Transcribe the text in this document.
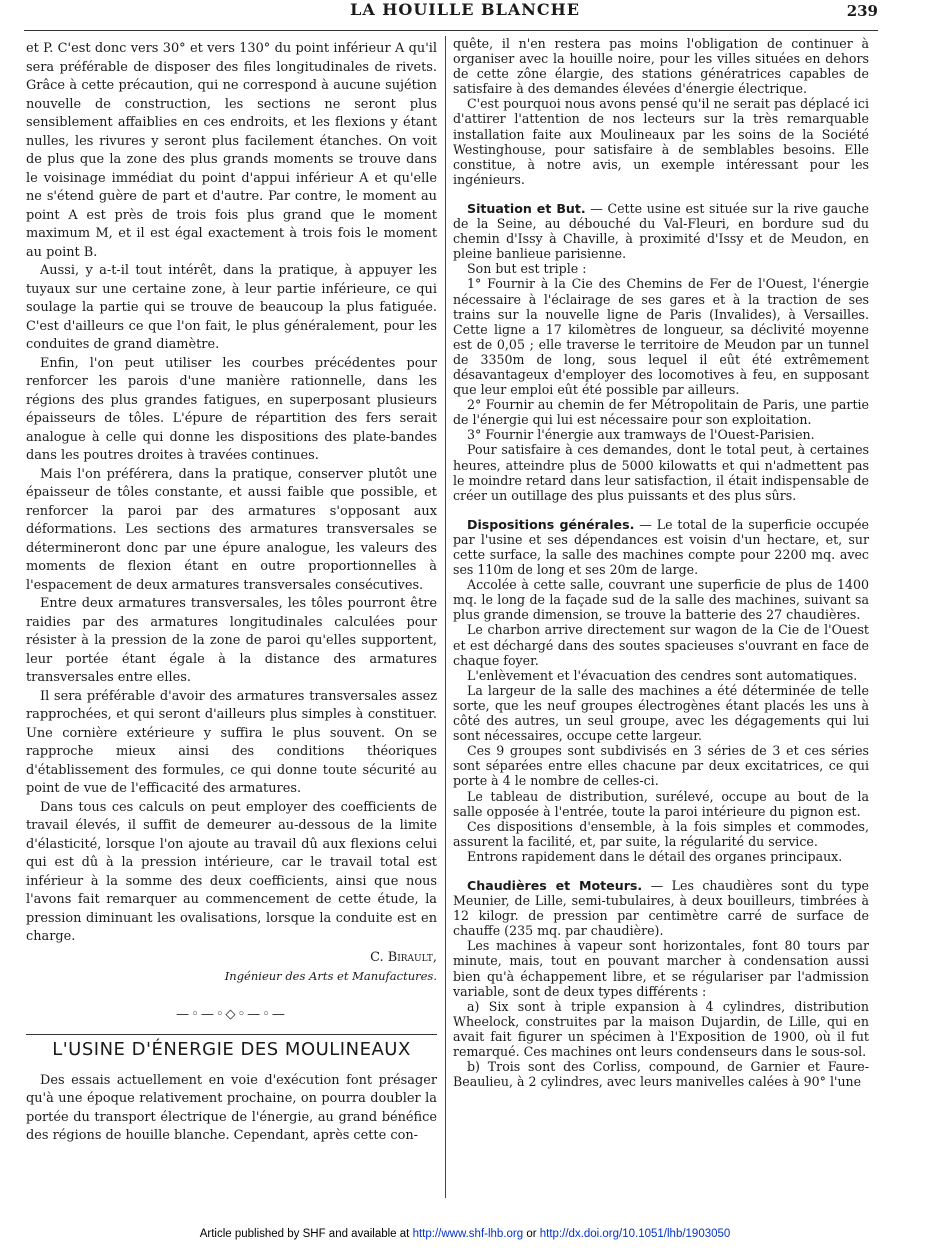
LA HOUILLE BLANCHE	239

et P. C'est donc vers 30° et vers 130° du point inférieur A qu'il sera préférable de disposer des files longitudinales de rivets. Grâce à cette précaution, qui ne correspond à aucune sujétion nouvelle de construction, les sections ne seront plus sensiblement affaiblies en ces endroits, et les flexions y étant nulles, les rivures y seront plus facilement étanches. On voit de plus que la zone des plus grands moments se trouve dans le voisinage immédiat du point d'appui inférieur A et qu'elle ne s'étend guère de part et d'autre. Par contre, le moment au point A est près de trois fois plus grand que le moment maximum M, et il est égal exactement à trois fois le moment au point B.

Aussi, y a-t-il tout intérêt, dans la pratique, à appuyer les tuyaux sur une certaine zone, à leur partie inférieure, ce qui soulage la partie qui se trouve de beaucoup la plus fatiguée. C'est d'ailleurs ce que l'on fait, le plus généralement, pour les conduites de grand diamètre.

Enfin, l'on peut utiliser les courbes précédentes pour renforcer les parois d'une manière rationnelle, dans les régions des plus grandes fatigues, en superposant plusieurs épaisseurs de tôles. L'épure de répartition des fers serait analogue à celle qui donne les dispositions des plate-bandes dans les poutres droites à travées continues.

Mais l'on préférera, dans la pratique, conserver plutôt une épaisseur de tôles constante, et aussi faible que possible, et renforcer la paroi par des armatures s'opposant aux déformations. Les sections des armatures transversales se détermineront donc par une épure analogue, les valeurs des moments de flexion étant en outre proportionnelles à l'espacement de deux armatures transversales consécutives.

Entre deux armatures transversales, les tôles pourront être raidies par des armatures longitudinales calculées pour résister à la pression de la zone de paroi qu'elles supportent, leur portée étant égale à la distance des armatures transversales entre elles.

Il sera préférable d'avoir des armatures transversales assez rapprochées, et qui seront d'ailleurs plus simples à constituer. Une cornière extérieure y suffira le plus souvent. On se rapproche mieux ainsi des conditions théoriques d'établissement des formules, ce qui donne toute sécurité au point de vue de l'efficacité des armatures.

Dans tous ces calculs on peut employer des coefficients de travail élevés, il suffit de demeurer au-dessous de la limite d'élasticité, lorsque l'on ajoute au travail dû aux flexions celui qui est dû à la pression intérieure, car le travail total est inférieur à la somme des deux coefficients, ainsi que nous l'avons fait remarquer au commencement de cette étude, la pression diminuant les ovalisations, lorsque la conduite est en charge.

C. Birault,
Ingénieur des Arts et Manufactures.
—◦—◦◇◦—◦—
L'USINE D'ÉNERGIE DES MOULINEAUX

Des essais actuellement en voie d'exécution font présager qu'à une époque relativement prochaine, on pourra doubler la portée du transport électrique de l'énergie, au grand bénéfice des régions de houille blanche. Cependant, après cette con-

quête, il n'en restera pas moins l'obligation de continuer à organiser avec la houille noire, pour les villes situées en dehors de cette zône élargie, des stations génératrices capables de satisfaire à des demandes élevées d'énergie électrique.

C'est pourquoi nous avons pensé qu'il ne serait pas déplacé ici d'attirer l'attention de nos lecteurs sur la très remarquable installation faite aux Moulineaux par les soins de la Société Westinghouse, pour satisfaire à de semblables besoins. Elle constitue, à notre avis, un exemple intéressant pour les ingénieurs.

Situation et But. — Cette usine est située sur la rive gauche de la Seine, au débouché du Val-Fleuri, en bordure sud du chemin d'Issy à Chaville, à proximité d'Issy et de Meudon, en pleine banlieue parisienne.

Son but est triple :

1° Fournir à la Cie des Chemins de Fer de l'Ouest, l'énergie nécessaire à l'éclairage de ses gares et à la traction de ses trains sur la nouvelle ligne de Paris (Invalides), à Versailles. Cette ligne a 17 kilomètres de longueur, sa déclivité moyenne est de 0,05 ; elle traverse le territoire de Meudon par un tunnel de 3350m de long, sous lequel il eût été extrêmement désavantageux d'employer des locomotives à feu, en supposant que leur emploi eût été possible par ailleurs.

2° Fournir au chemin de fer Métropolitain de Paris, une partie de l'énergie qui lui est nécessaire pour son exploitation.

3° Fournir l'énergie aux tramways de l'Ouest-Parisien.

Pour satisfaire à ces demandes, dont le total peut, à certaines heures, atteindre plus de 5000 kilowatts et qui n'admettent pas le moindre retard dans leur satisfaction, il était indispensable de créer un outillage des plus puissants et des plus sûrs.

Dispositions générales. — Le total de la superficie occupée par l'usine et ses dépendances est voisin d'un hectare, et, sur cette surface, la salle des machines compte pour 2200 mq. avec ses 110m de long et ses 20m de large.

Accolée à cette salle, couvrant une superficie de plus de 1400 mq. le long de la façade sud de la salle des machines, suivant sa plus grande dimension, se trouve la batterie des 27 chaudières.

Le charbon arrive directement sur wagon de la Cie de l'Ouest et est déchargé dans des soutes spacieuses s'ouvrant en face de chaque foyer.

L'enlèvement et l'évacuation des cendres sont automatiques.

La largeur de la salle des machines a été déterminée de telle sorte, que les neuf groupes électrogènes étant placés les uns à côté des autres, un seul groupe, avec les dégagements qui lui sont nécessaires, occupe cette largeur.

Ces 9 groupes sont subdivisés en 3 séries de 3 et ces séries sont séparées entre elles chacune par deux excitatrices, ce qui porte à 4 le nombre de celles-ci.

Le tableau de distribution, surélevé, occupe au bout de la salle opposée à l'entrée, toute la paroi intérieure du pignon est.

Ces dispositions d'ensemble, à la fois simples et commodes, assurent la facilité, et, par suite, la régularité du service.

Entrons rapidement dans le détail des organes principaux.

Chaudières et Moteurs. — Les chaudières sont du type Meunier, de Lille, semi-tubulaires, à deux bouilleurs, timbrées à 12 kilogr. de pression par centimètre carré de surface de chauffe (235 mq. par chaudière).

Les machines à vapeur sont horizontales, font 80 tours par minute, mais, tout en pouvant marcher à condensation aussi bien qu'à échappement libre, et se régulariser par l'admission variable, sont de deux types différents :

a) Six sont à triple expansion à 4 cylindres, distribution Wheelock, construites par la maison Dujardin, de Lille, qui en avait fait figurer un spécimen à l'Exposition de 1900, où il fut remarqué. Ces machines ont leurs condenseurs dans le sous-sol.

b) Trois sont des Corliss, compound, de Garnier et Faure-Beaulieu, à 2 cylindres, avec leurs manivelles calées à 90° l'une

Article published by SHF and available at http://www.shf-lhb.org or http://dx.doi.org/10.1051/lhb/1903050
